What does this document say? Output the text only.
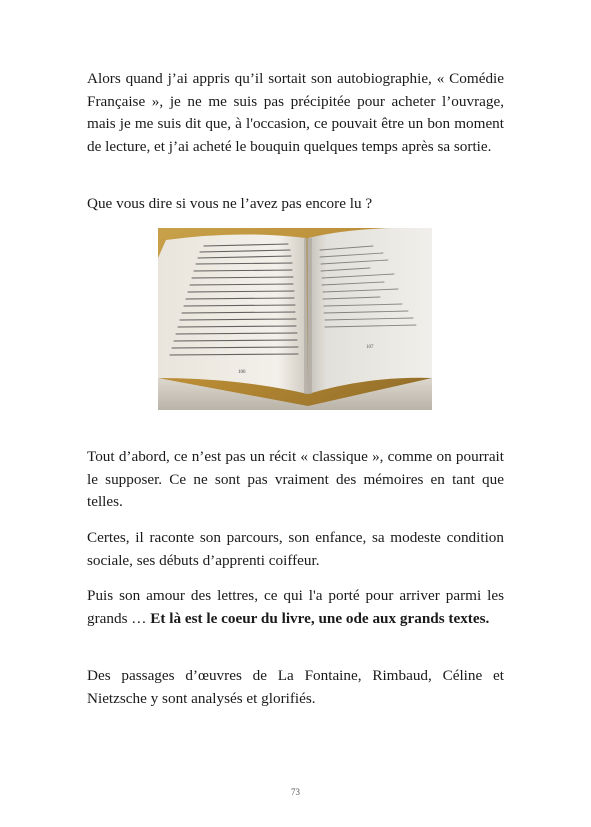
Alors quand j’ai appris qu’il sortait son autobiographie, « Comédie Française », je ne me suis pas précipitée pour acheter l’ouvrage, mais je me suis dit que, à l'occasion, ce pouvait être un bon moment de lecture, et j’ai acheté le bouquin quelques temps après sa sortie.

Que vous dire si vous ne l’avez pas encore lu ?

106
107

Tout d’abord, ce n’est pas un récit « classique », comme on pourrait le supposer. Ce ne sont pas vraiment des mémoires en tant que telles.

Certes, il raconte son parcours, son enfance, sa modeste condition sociale, ses débuts d’apprenti coiffeur.

Puis son amour des lettres, ce qui l'a porté pour arriver parmi les grands … Et là est le coeur du livre, une ode aux grands textes.

Des passages d’œuvres de La Fontaine, Rimbaud, Céline et Nietzsche y sont analysés et glorifiés.

73
